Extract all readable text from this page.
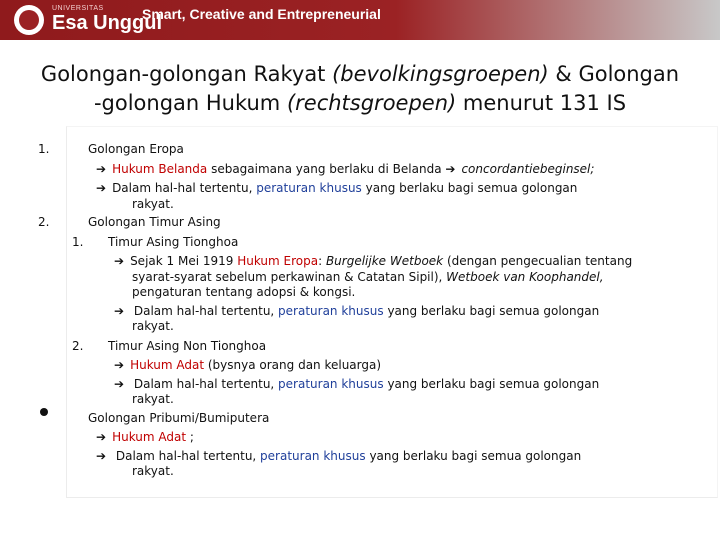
UNIVERSITAS
Esa Unggul
Smart, Creative and Entrepreneurial
Golongan-golongan Rakyat (bevolkingsgroepen) & Golongan
-golongan Hukum (rechtsgroepen) menurut 131 IS
1.	Golongan Eropa
➔ Hukum Belanda sebagaimana yang berlaku di Belanda ➔ concordantiebeginsel;
➔ Dalam hal-hal tertentu, peraturan khusus yang berlaku bagi semua golongan
rakyat.
2.	Golongan Timur Asing
1. Timur Asing Tionghoa
➔ Sejak 1 Mei 1919 Hukum Eropa: Burgelijke Wetboek (dengan pengecualian tentang
syarat-syarat sebelum perkawinan & Catatan Sipil), Wetboek van Koophandel,
pengaturan tentang adopsi & kongsi.
➔ Dalam hal-hal tertentu, peraturan khusus yang berlaku bagi semua golongan
rakyat.
2. Timur Asing Non Tionghoa
➔ Hukum Adat (bysnya orang dan keluarga)
➔ Dalam hal-hal tertentu, peraturan khusus yang berlaku bagi semua golongan
rakyat.
Golongan Pribumi/Bumiputera
➔ Hukum Adat ;
➔ Dalam hal-hal tertentu, peraturan khusus yang berlaku bagi semua golongan
rakyat.
